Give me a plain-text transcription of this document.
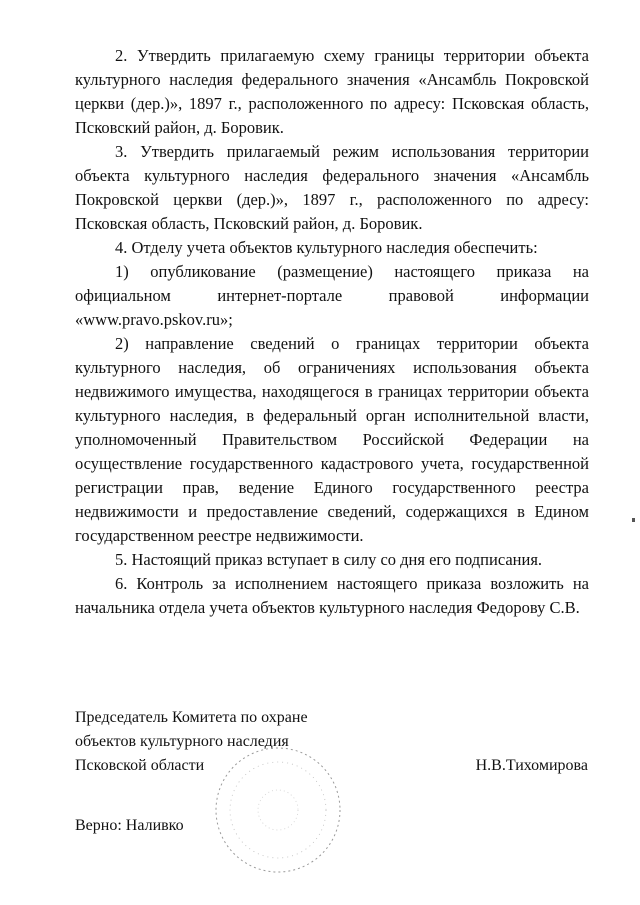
2. Утвердить прилагаемую схему границы территории объекта культурного наследия федерального значения «Ансамбль Покровской церкви (дер.)», 1897 г., расположенного по адресу: Псковская область, Псковский район, д. Боровик.

3. Утвердить прилагаемый режим использования территории объекта культурного наследия федерального значения «Ансамбль Покровской церкви (дер.)», 1897 г., расположенного по адресу: Псковская область, Псковский район, д. Боровик.

4. Отделу учета объектов культурного наследия обеспечить:

1) опубликование (размещение) настоящего приказа на официальном интернет-портале правовой информации «www.pravo.pskov.ru»;

2) направление сведений о границах территории объекта культурного наследия, об ограничениях использования объекта недвижимого имущества, находящегося в границах территории объекта культурного наследия, в федеральный орган исполнительной власти, уполномоченный Правительством Российской Федерации на осуществление государственного кадастрового учета, государственной регистрации прав, ведение Единого государственного реестра недвижимости и предоставление сведений, содержащихся в Едином государственном реестре недвижимости.

5. Настоящий приказ вступает в силу со дня его подписания.

6. Контроль за исполнением настоящего приказа возложить на начальника отдела учета объектов культурного наследия Федорову С.В.

Председатель Комитета по охране
объектов культурного наследия
Псковской области	Н.В.Тихомирова
Верно: Наливко
